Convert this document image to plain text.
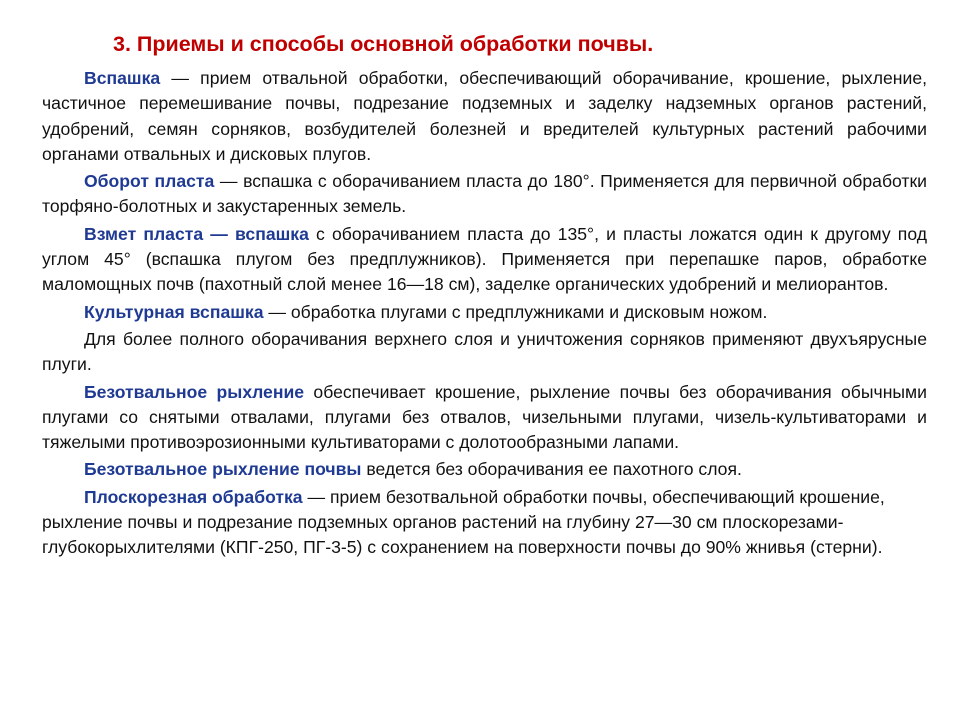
3. Приемы и способы основной обработки почвы.

Вспашка — прием отвальной обработки, обеспечивающий оборачивание, крошение, рыхление, частичное перемешивание почвы, подрезание подземных и заделку надземных органов растений, удобрений, семян сорняков, возбудителей болезней и вредителей культурных растений рабочими органами отвальных и дисковых плугов.

Оборот пласта — вспашка с оборачиванием пласта до 180°. Применяется для первичной обработки торфяно-болотных и закустаренных земель.

Взмет пласта — вспашка с оборачиванием пласта до 135°, и пласты ложатся один к другому под углом 45° (вспашка плугом без предплужников). Применяется при перепашке паров, обработке маломощных почв (пахотный слой менее 16—18 см), заделке органических удобрений и мелиорантов.

Культурная вспашка — обработка плугами с предплужниками и дисковым ножом.

Для более полного оборачивания верхнего слоя и уничтожения сорняков применяют двухъярусные плуги.

Безотвальное рыхление обеспечивает крошение, рыхление почвы без оборачивания обычными плугами со снятыми отвалами, плугами без отвалов, чизельными плугами, чизель-культиваторами и тяжелыми противоэрозионными культиваторами с долотообразными лапами.

Безотвальное рыхление почвы ведется без оборачивания ее пахотного слоя.

Плоскорезная обработка — прием безотвальной обработки почвы, обеспечивающий крошение, рыхление почвы и подрезание подземных органов растений на глубину 27—30 см плоскорезами-глубокорыхлителями (КПГ-250, ПГ-3-5) с сохранением на поверхности почвы до 90% жнивья (стерни).
